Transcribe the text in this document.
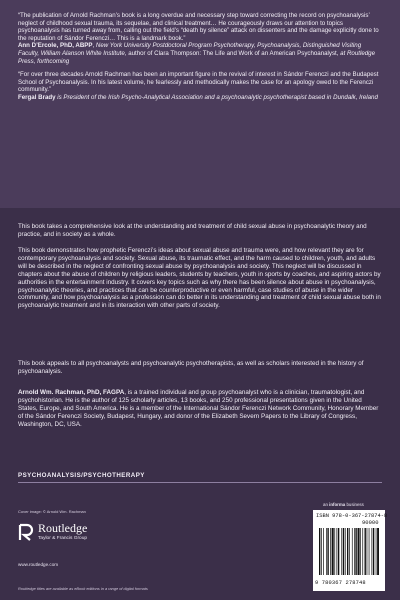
“The publication of Arnold Rachman’s book is a long overdue and necessary step toward correcting the record on psychoanalysis’ neglect of childhood sexual trauma, its sequelae, and clinical treatment… He courageously draws our attention to topics psychoanalysis has turned away from, calling out the field’s “death by silence” attack on dissenters and the damage explicitly done to the reputation of Sándor Ferenczi… This is a landmark book.”

Ann D’Ercole, PhD, ABPP, New York University Postdoctoral Program Psychotherapy, Psychoanalysis, Distinguished Visiting Faculty, William Alanson White Institute, author of Clara Thompson: The Life and Work of an American Psychoanalyst, at Routledge Press, forthcoming

“For over three decades Arnold Rachman has been an important figure in the revival of interest in Sándor Ferenczi and the Budapest School of Psychoanalysis. In his latest volume, he fearlessly and methodically makes the case for an apology owed to the Ferenczi community.”

Fergal Brady is President of the Irish Psycho-Analytical Association and a psychoanalytic psychotherapist based in Dundalk, Ireland

This book takes a comprehensive look at the understanding and treatment of child sexual abuse in psychoanalytic theory and practice, and in society as a whole.

This book demonstrates how prophetic Ferenczi’s ideas about sexual abuse and trauma were, and how relevant they are for contemporary psychoanalysis and society. Sexual abuse, its traumatic effect, and the harm caused to children, youth, and adults will be described in the neglect of confronting sexual abuse by psychoanalysis and society. This neglect will be discussed in chapters about the abuse of children by religious leaders, students by teachers, youth in sports by coaches, and aspiring actors by authorities in the entertainment industry. It covers key topics such as why there has been silence about abuse in psychoanalysis, psychoanalytic theories, and practices that can be counterproductive or even harmful, case studies of abuse in the wider community, and how psychoanalysis as a profession can do better in its understanding and treatment of child sexual abuse both in psychoanalytic treatment and in its interaction with other parts of society.

This book appeals to all psychoanalysts and psychoanalytic psychotherapists, as well as scholars interested in the history of psychoanalysis.

Arnold Wm. Rachman, PhD, FAGPA, is a trained individual and group psychoanalyst who is a clinician, traumatologist, and psychohistorian. He is the author of 125 scholarly articles, 13 books, and 250 professional presentations given in the United States, Europe, and South America. He is a member of the International Sándor Ferenczi Network Community, Honorary Member of the Sándor Ferenczi Society, Budapest, Hungary, and donor of the Elizabeth Severn Papers to the Library of Congress, Washington, DC, USA.

PSYCHOANALYSIS/PSYCHOTHERAPY
an informa business
Cover image: © Arnold Wm. Rachman
Routledge
Taylor & Francis Group
www.routledge.com
ISBN 978-0-367-27874-8
90000
9 780367 278748
Routledge titles are available as eBook editions in a range of digital formats
